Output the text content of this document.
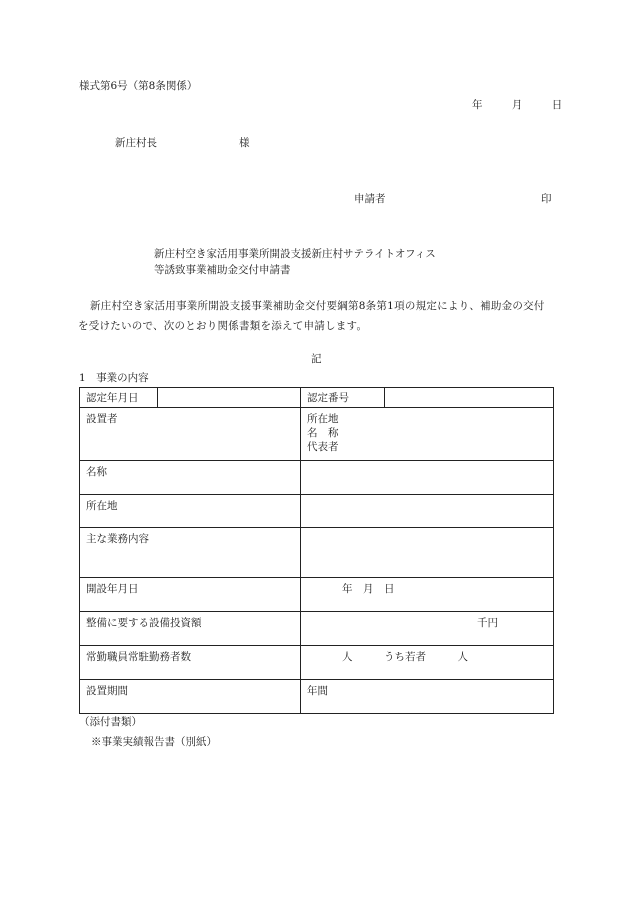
様式第6号（第8条関係）
年	月	日
新庄村長	様
申請者	印
新庄村空き家活用事業所開設支援新庄村サテライトオフィス
等誘致事業補助金交付申請書
新庄村空き家活用事業所開設支援事業補助金交付要綱第8条第1項の規定により、補助金の交付を受けたいので、次のとおり関係書類を添えて申請します。
記
1　事業の内容
認定年月日		認定番号	
設置者		所在地
名　称
代表者	

名称			
所在地			
主な業務内容			
開設年月日		年　月　日	
整備に要する設備投資額		千円	
常勤職員常駐勤務者数		人　　　うち若者　　　人	
設置期間		年間	
（添付書類）
※事業実績報告書（別紙）
